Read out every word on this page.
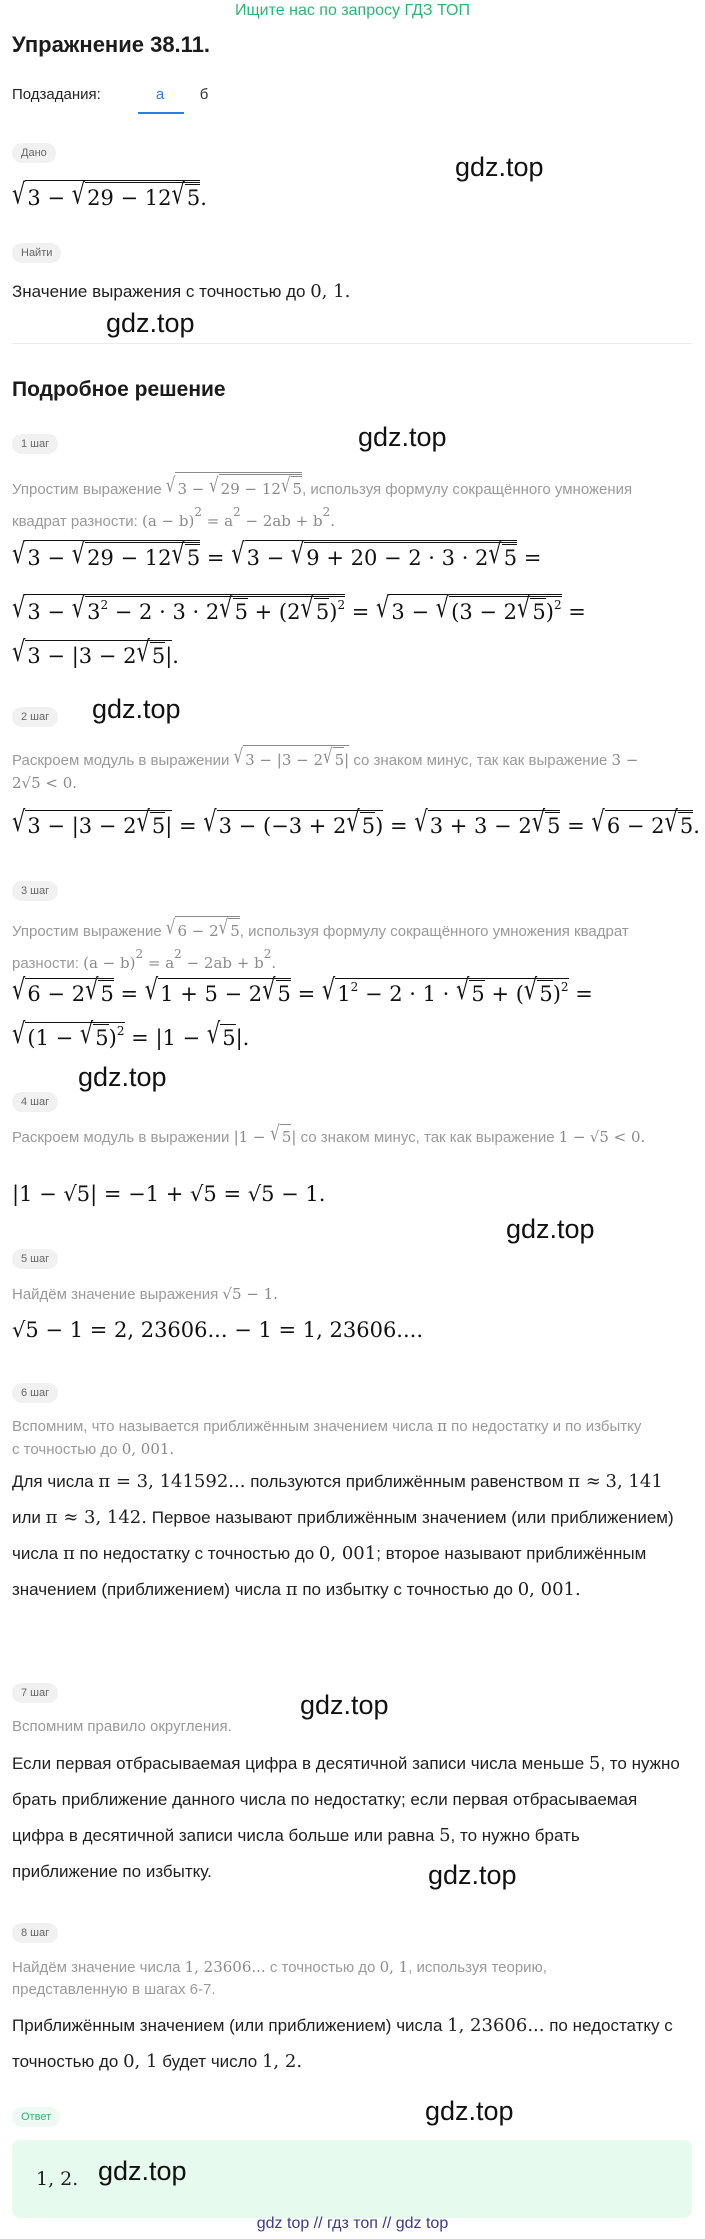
Ищите нас по запросу ГДЗ ТОП
Упражнение 38.11.
Подзадания:	а	б
Дано
√3 − √29 − 12√5.
gdz.top
Найти
Значение выражения с точностью до 0, 1.
gdz.top
Подробное решение
1 шаг	gdz.top
Упростим выражение √ 3 − √ 29 − 12√ 5, используя формулу сокращённого умножения квадрат разности: $(a - b)^2 = a^2 - 2ab + b^2$.
√3 − √29 − 12√5 = √3 − √9 + 20 − 2 · 3 · 2√5 =
$√3 - √3^2 - 2 \cdot 3 \cdot 2√5 + (2√5)^2 = √3 - √(3 - 2√5)^2$ =
√3 − |3 − 2√5|.
2 шаг	gdz.top
Раскроем модуль в выражении √ 3 − |3 − 2√ 5| со знаком минус, так как выражение 3 − 2√5 < 0.
√3 − |3 − 2√5| = √3 − (−3 + 2√5) = √3 + 3 − 2√5 = √6 − 2√5.
3 шаг
Упростим выражение √ 6 − 2√ 5, используя формулу сокращённого умножения квадрат разности: $(a - b)^2 = a^2 - 2ab + b^2$.
$√6 - 2√5 = √1 + 5 - 2√5 = √1^2 - 2 \cdot 1 \cdot √5 + (√5)^2$ =
$√(1 - √5)^2 = |1 - √5|$.
gdz.top
4 шаг
Раскроем модуль в выражении |1 − √ 5| со знаком минус, так как выражение 1 − √5 < 0.
|1 − √5| = −1 + √5 = √5 − 1.
gdz.top
5 шаг
Найдём значение выражения √5 − 1.
√5 − 1 = 2, 23606... − 1 = 1, 23606....
6 шаг
Вспомним, что называется приближённым значением числа π по недостатку и по избытку с точностью до 0, 001.
Для числа π = 3, 141592... пользуются приближённым равенством π ≈ 3, 141 или π ≈ 3, 142. Первое называют приближённым значением (или приближением) числа π по недостатку с точностью до 0, 001; второе называют приближённым значением (приближением) числа π по избытку с точностью до 0, 001.
7 шаг
Вспомним правило округления.
gdz.top
Если первая отбрасываемая цифра в десятичной записи числа меньше 5, то нужно брать приближение данного числа по недостатку; если первая отбрасываемая цифра в десятичной записи числа больше или равна 5, то нужно брать приближение по избытку.	gdz.top
8 шаг
Найдём значение числа 1, 23606... с точностью до 0, 1, используя теорию, представленную в шагах 6-7.
Приближённым значением (или приближением) числа 1, 23606... по недостатку с точностью до 0, 1 будет число 1, 2.
Ответ	gdz.top
1, 2. gdz.top
gdz top // гдз топ // gdz top
